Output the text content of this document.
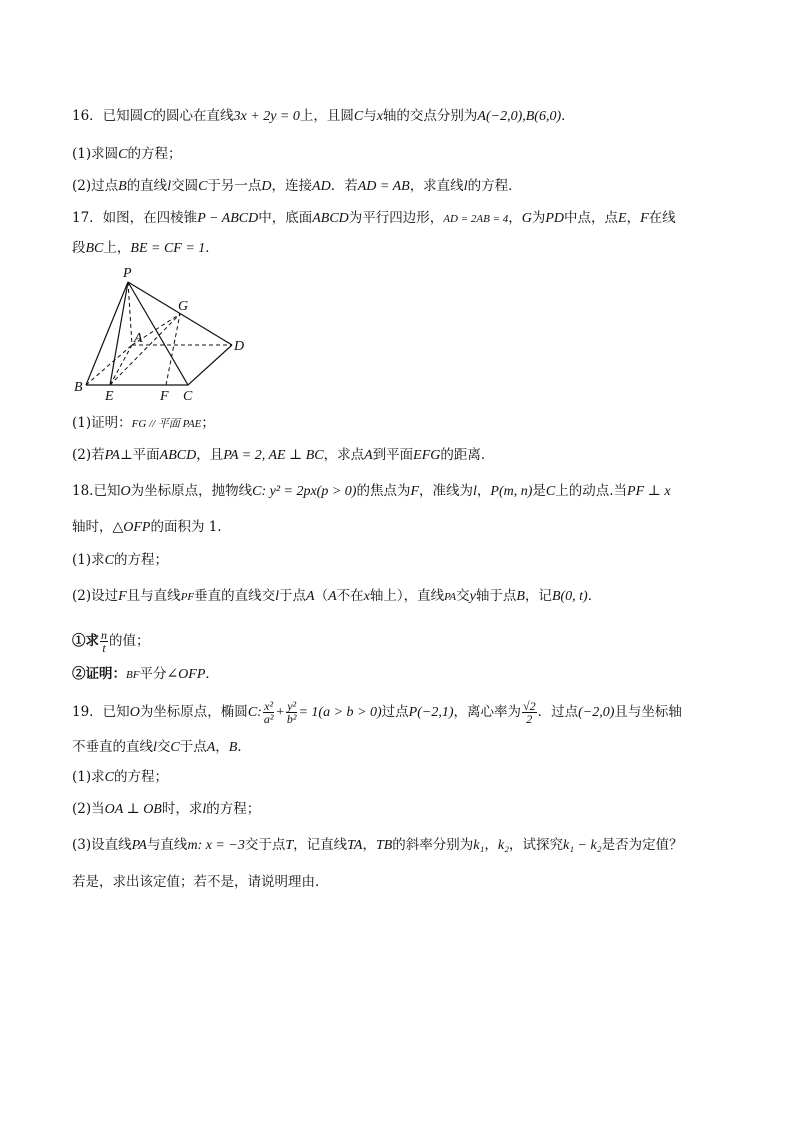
16．已知圆C的圆心在直线3x + 2y = 0上，且圆C与x轴的交点分别为A(−2,0),B(6,0)．
(1)求圆C的方程；
(2)过点B的直线l交圆C于另一点D，连接AD．若AD = AB，求直线l的方程．
17．如图，在四棱锥P − ABCD中，底面ABCD为平行四边形，AD = 2AB = 4，G为PD中点，点E，F在线
段BC上，BE = CF = 1．
P
G
A
D
B
E	F C
(1)证明：FG // 平面 PAE；
(2)若PA⊥平面ABCD，且PA = 2, AE ⊥ BC，求点A到平面EFG的距离．
18.已知O为坐标原点，抛物线C: y² = 2px(p > 0)的焦点为F，准线为l，P(m, n)是C上的动点.当PF ⊥ x
轴时，△OFP的面积为 1．
(1)求C的方程；
(2)设过F且与直线PF垂直的直线交l于点A（A不在x轴上），直线PA交y轴于点B，记B(0, t)．
①求 $\frac{n}{t}$ 的值；
②证明：BF平分∠OFP．
19．已知O为坐标原点，椭圆C: $\frac{\text{x²}}{\text{a²}} + \frac{\text{y²}}{\text{b²}} = 1(a > b > 0)$过点P(−2,1)，离心率为 $\frac{√2}{2}$ ．过点(−2,0)且与坐标轴
不垂直的直线l交C于点A，B．
(1)求C的方程；
(2)当OA ⊥ OB时，求l的方程；
(3)设直线PA与直线m: x = −3交于点T，记直线TA，TB的斜率分别为k₁，k₂，试探究k₁ − k₂是否为定值？
若是，求出该定值；若不是，请说明理由．
